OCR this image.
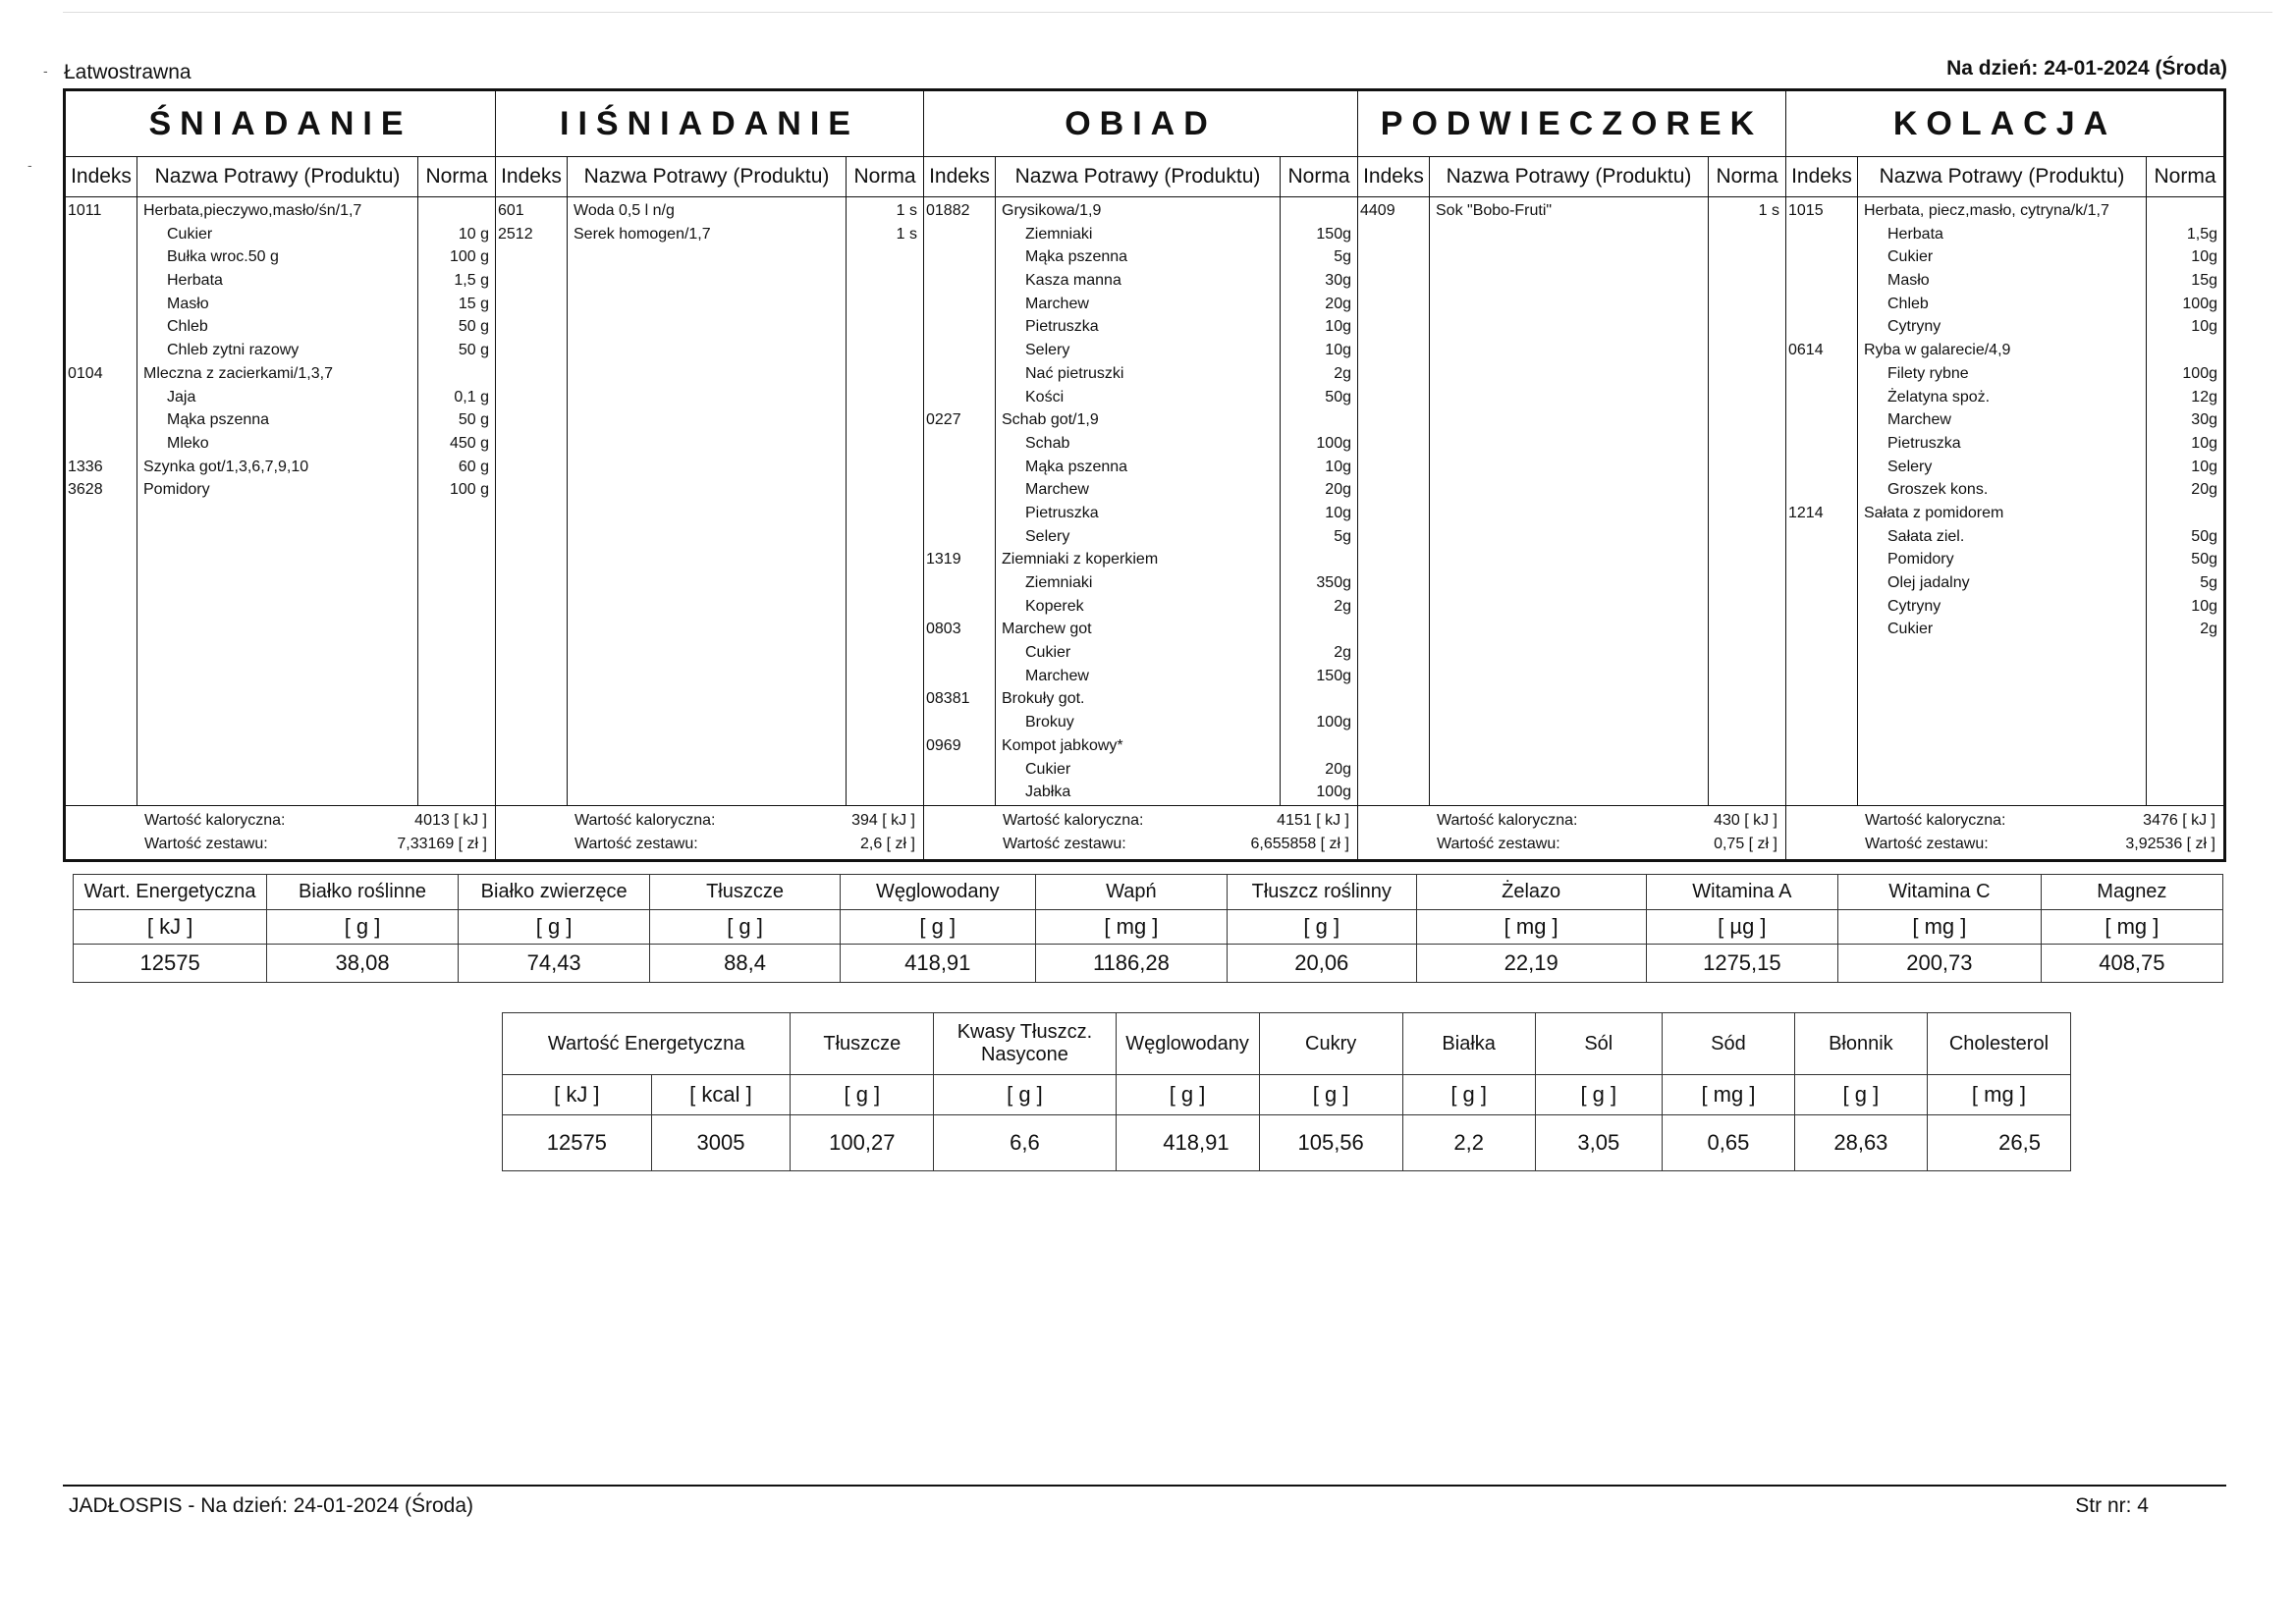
-
-
Łatwostrawna	Na dzień: 24-01-2024 (Środa)
ŚNIADANIE
Indeks	Nazwa Potrawy (Produktu)	Norma
1011	Herbata,pieczywo,masło/śn/1,7
Cukier	10 g
Bułka wroc.50 g	100 g
Herbata	1,5 g
Masło	15 g
Chleb	50 g
Chleb zytni razowy	50 g
0104	Mleczna z zacierkami/1,3,7
Jaja	0,1 g
Mąka pszenna	50 g
Mleko	450 g
1336	Szynka got/1,3,6,7,9,10	60 g
3628	Pomidory	100 g
Wartość kaloryczna:	4013 [ kJ ]
Wartość zestawu:	7,33169 [ zł ]
IIŚNIADANIE
Indeks	Nazwa Potrawy (Produktu)	Norma
601	Woda 0,5 l n/g	1 s
2512	Serek homogen/1,7	1 s
Wartość kaloryczna:	394 [ kJ ]
Wartość zestawu:	2,6 [ zł ]
OBIAD
Indeks	Nazwa Potrawy (Produktu)	Norma
01882	Grysikowa/1,9
Ziemniaki	150g
Mąka pszenna	5g
Kasza manna	30g
Marchew	20g
Pietruszka	10g
Selery	10g
Nać pietruszki	2g
Kości	50g
0227	Schab got/1,9
Schab	100g
Mąka pszenna	10g
Marchew	20g
Pietruszka	10g
Selery	5g
1319	Ziemniaki z koperkiem
Ziemniaki	350g
Koperek	2g
0803	Marchew got
Cukier	2g
Marchew	150g
08381	Brokuły got.
Brokuy	100g
0969	Kompot jabkowy*
Cukier	20g
Jabłka	100g
Wartość kaloryczna:	4151 [ kJ ]
Wartość zestawu:	6,655858 [ zł ]
PODWIECZOREK
Indeks	Nazwa Potrawy (Produktu)	Norma
4409	Sok "Bobo-Fruti"	1 s
Wartość kaloryczna:	430 [ kJ ]
Wartość zestawu:	0,75 [ zł ]
KOLACJA
Indeks	Nazwa Potrawy (Produktu)	Norma
1015	Herbata, piecz,masło, cytryna/k/1,7
Herbata	1,5g
Cukier	10g
Masło	15g
Chleb	100g
Cytryny	10g
0614	Ryba w galarecie/4,9
Filety rybne	100g
Żelatyna spoż.	12g
Marchew	30g
Pietruszka	10g
Selery	10g
Groszek kons.	20g
1214	Sałata z pomidorem
Sałata ziel.	50g
Pomidory	50g
Olej jadalny	5g
Cytryny	10g
Cukier	2g
Wartość kaloryczna:	3476 [ kJ ]
Wartość zestawu:	3,92536 [ zł ]
Wart. Energetyczna	Białko roślinne	Białko zwierzęce	Tłuszcze	Węglowodany	Wapń	Tłuszcz roślinny	Żelazo	Witamina A	Witamina C	Magnez
[ kJ ]	[ g ]	[ g ]	[ g ]	[ g ]	[ mg ]	[ g ]	[ mg ]	[ µg ]	[ mg ]	[ mg ]
12575	38,08	74,43	88,4	418,91	1186,28	20,06	22,19	1275,15	200,73	408,75
Wartość Energetyczna		Tłuszcze	Kwasy Tłuszcz. Nasycone	Węglowodany	Cukry	Białka	Sól	Sód	Błonnik	Cholesterol
[ kJ ]	[ kcal ]	[ g ]	[ g ]	[ g ]	[ g ]	[ g ]	[ g ]	[ mg ]	[ g ]	[ mg ]
12575	3005	100,27	6,6	418,91	105,56	2,2	3,05	0,65	28,63	26,5
JADŁOSPIS - Na dzień: 24-01-2024 (Środa)	Str nr: 4
